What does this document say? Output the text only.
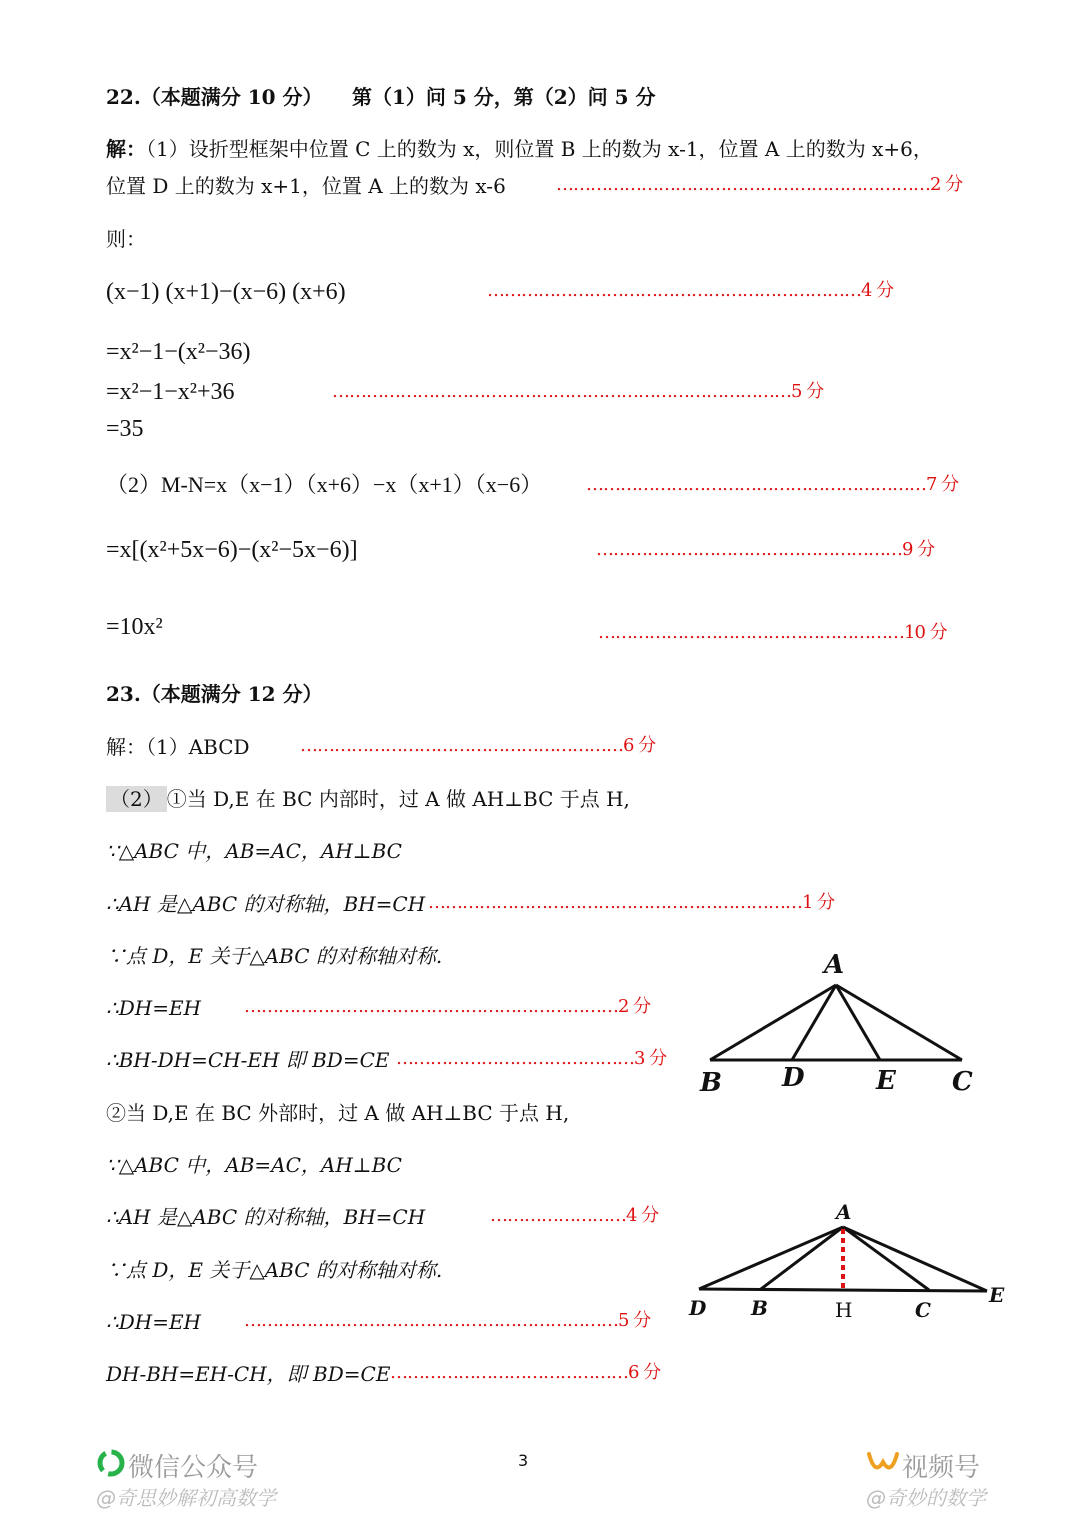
22.（本题满分 10 分） 第（1）问 5 分，第（2）问 5 分
解：（1）设折型框架中位置 C 上的数为 x，则位置 B 上的数为 x-1，位置 A 上的数为 x+6，
位置 D 上的数为 x+1，位置 A 上的数为 x-6	…………………………………………………………2 分
则：
(x−1) (x+1)−(x−6) (x+6)	…………………………………………………………4 分
=x²−1−(x²−36)
=x²−1−x²+36	………………………………………………………………………5 分
=35
（2）M-N=x（x−1）（x+6）−x（x+1）（x−6） ……………………………………………………7 分
=x[(x²+5x−6)−(x²−5x−6)]	………………………………………………9 分
=10x²	………………………………………………10 分
23.（本题满分 12 分）
解：（1）ABCD	…………………………………………………6 分
（2） ①当 D,E 在 BC 内部时，过 A 做 AH⊥BC 于点 H,
∵△ABC 中，AB=AC，AH⊥BC
∴AH 是△ABC 的对称轴，BH=CH …………………………………………………………1 分
∵点 D，E 关于△ABC 的对称轴对称.
∴DH=EH …………………………………………………………2 分
∴BH-DH=CH-EH 即 BD=CE ……………………………………3 分
②当 D,E 在 BC 外部时，过 A 做 AH⊥BC 于点 H,
∵△ABC 中，AB=AC，AH⊥BC
∴AH 是△ABC 的对称轴，BH=CH	……………………4 分
∵点 D，E 关于△ABC 的对称轴对称.
∴DH=EH …………………………………………………………5 分
DH-BH=EH-CH，即 BD=CE ……………………………………6 分
A
B D	E C
A
D B	C
E
H
3
微信公众号
@奇思妙解初高数学
视频号
@奇妙的数学
